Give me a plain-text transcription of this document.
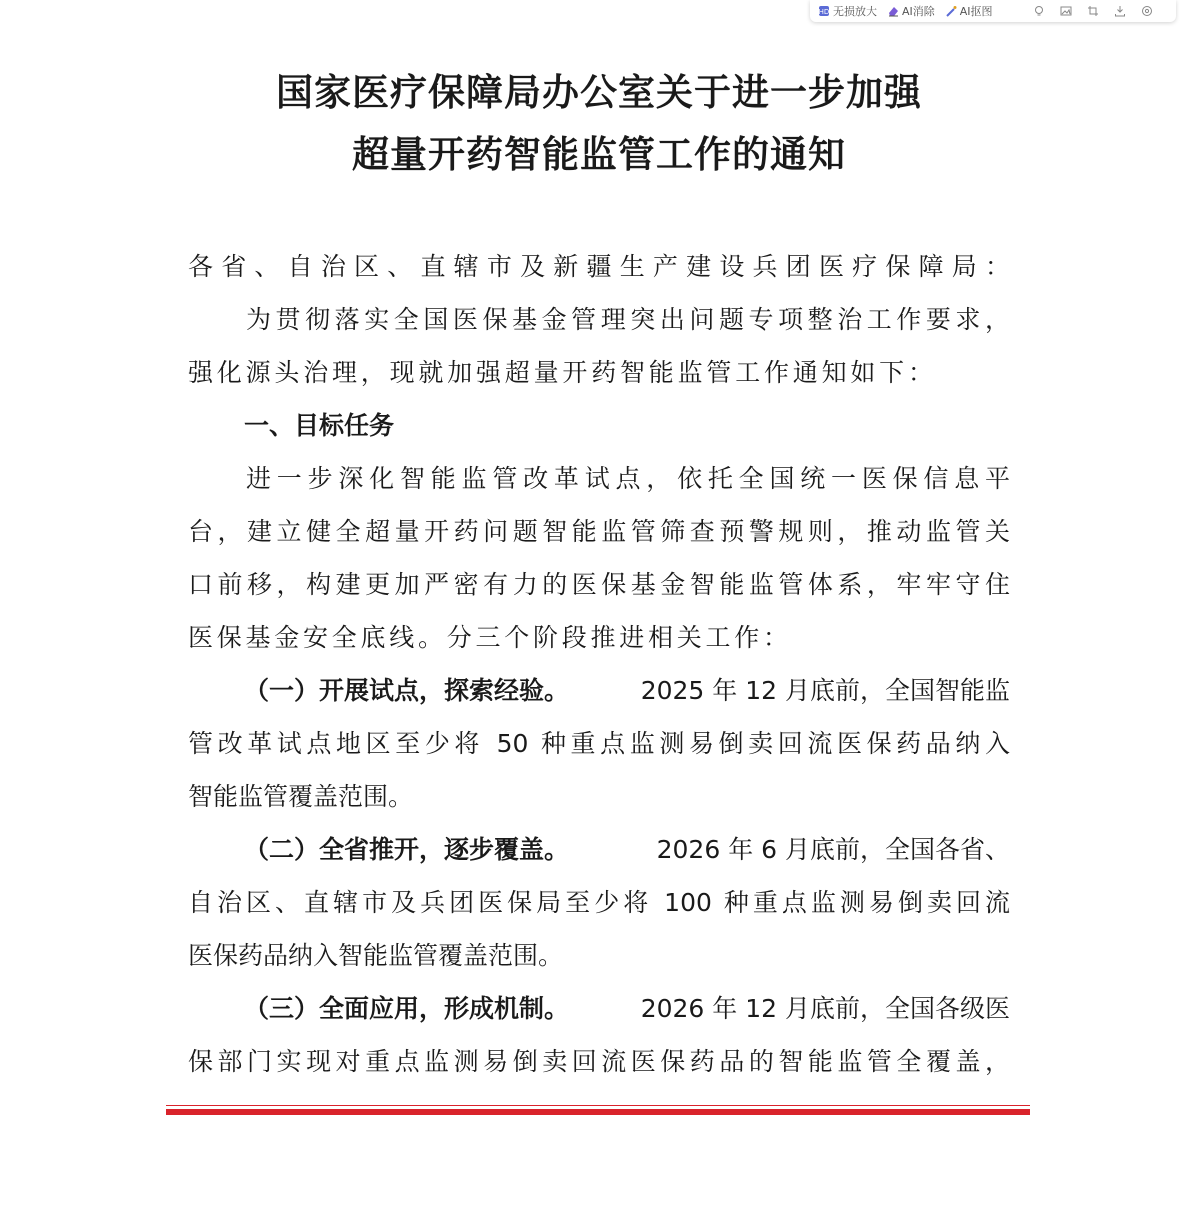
HD 无损放大 AI消除 AI抠图
国家医疗保障局办公室关于进一步加强
超量开药智能监管工作的通知
各省、自治区、直辖市及新疆生产建设兵团医疗保障局：
为贯彻落实全国医保基金管理突出问题专项整治工作要求，
强化源头治理，现就加强超量开药智能监管工作通知如下：
一、目标任务
进一步深化智能监管改革试点，依托全国统一医保信息平
台，建立健全超量开药问题智能监管筛查预警规则，推动监管关
口前移，构建更加严密有力的医保基金智能监管体系，牢牢守住
医保基金安全底线。分三个阶段推进相关工作：
（一）开展试点，探索经验。	2025 年 12 月底前，全国智能监
管改革试点地区至少将 50 种重点监测易倒卖回流医保药品纳入
智能监管覆盖范围。
（二）全省推开，逐步覆盖。	2026 年 6 月底前，全国各省、
自治区、直辖市及兵团医保局至少将 100 种重点监测易倒卖回流
医保药品纳入智能监管覆盖范围。
（三）全面应用，形成机制。	2026 年 12 月底前，全国各级医
保部门实现对重点监测易倒卖回流医保药品的智能监管全覆盖，
